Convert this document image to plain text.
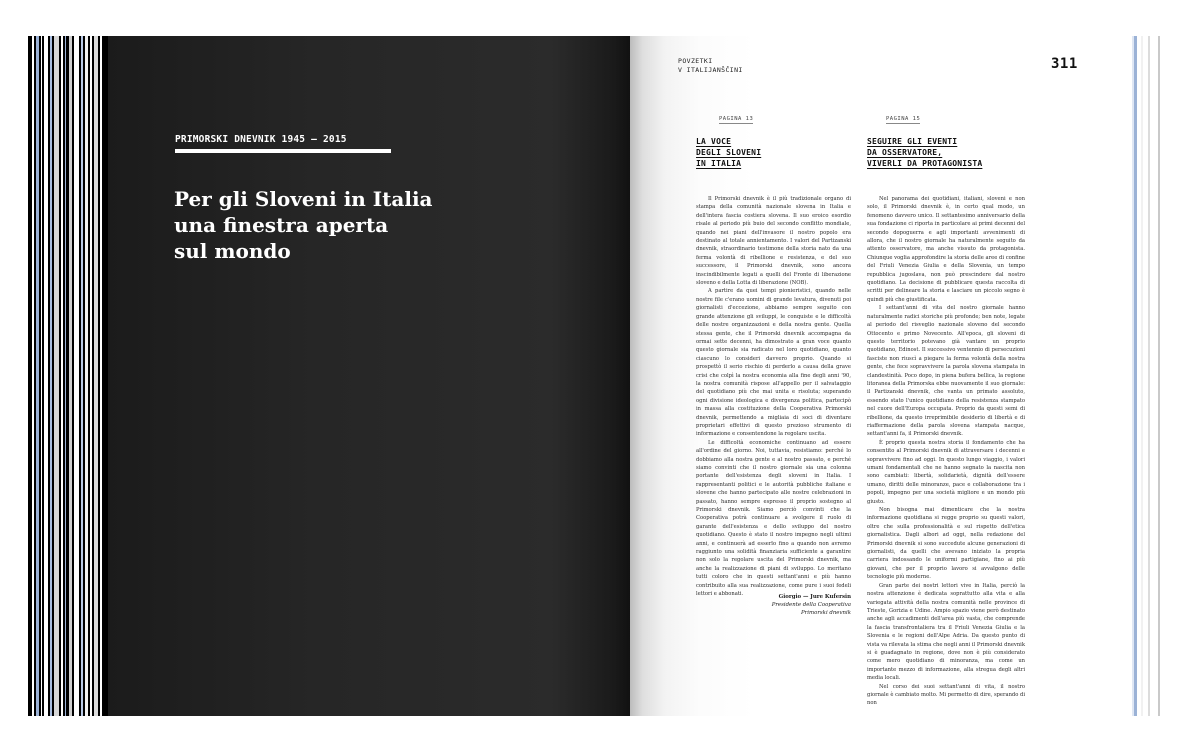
PRIMORSKI DNEVNIK 1945 — 2015
Per gli Sloveni in Italia
una finestra aperta
sul mondo
POVZETKI
V ITALIJANŠČINI	311
PAGINA 13
LA VOCE
DEGLI SLOVENI
IN ITALIA

Il Primorski dnevnik è il più tradizionale organo di stampa della comunità nazionale slovena in Italia e dell'intera fascia costiera slovena. Il suo eroico esordio risale al periodo più buio del secondo conflitto mondiale, quando nei piani dell'invasore il nostro popolo era destinato al totale annientamento. I valori del Partizanski dnevnik, straordinario testimone della storia nato da una ferma volontà di ribellione e resistenza, e del suo successore, il Primorski dnevnik, sono ancora inscindibilmente legati a quelli del Fronte di liberazione sloveno e della Lotta di liberazione (NOB).

A partire da quei tempi pionieristici, quando nelle nostre file c'erano uomini di grande levatura, divenuti poi giornalisti d'eccezione, abbiamo sempre seguito con grande attenzione gli sviluppi, le conquiste e le difficoltà delle nostre organizzazioni e della nostra gente. Quella stessa gente, che il Primorski dnevnik accompagna da ormai sette decenni, ha dimostrato a gran voce quanto questo giornale sia radicato nel loro quotidiano, quanto ciascuno lo consideri davvero proprio. Quando si prospettò il serio rischio di perderlo a causa della grave crisi che colpì la nostra economia alla fine degli anni '90, la nostra comunità rispose all'appello per il salvataggio del quotidiano più che mai unita e risoluta; superando ogni divisione ideologica e divergenza politica, partecipò in massa alla costituzione della Cooperativa Primorski dnevnik, permettendo a migliaia di soci di diventare proprietari effettivi di questo prezioso strumento di informazione e consentendone la regolare uscita.

Le difficoltà economiche continuano ad essere all'ordine del giorno. Noi, tuttavia, resistiamo: perché lo dobbiamo alla nostra gente e al nostro passato, e perché siamo convinti che il nostro giornale sia una colonna portante dell'esistenza degli sloveni in Italia. I rappresentanti politici e le autorità pubbliche italiane e slovene che hanno partecipato alle nostre celebrazioni in passato, hanno sempre espresso il proprio sostegno al Primorski dnevnik. Siamo perciò convinti che la Cooperativa potrà continuare a svolgere il ruolo di garante dell'esistenza e dello sviluppo del nostro quotidiano. Questo è stato il nostro impegno negli ultimi anni, e continuerà ad esserlo fino a quando non avremo raggiunto una solidità finanziaria sufficiente a garantire non solo la regolare uscita del Primorski dnevnik, ma anche la realizzazione di piani di sviluppo. Lo meritano tutti coloro che in questi settant'anni e più hanno contribuito alla sua realizzazione, come pure i suoi fedeli lettori e abbonati.	Giorgio — Jure Kufersin
Presidente della Cooperativa
Primorski dnevnik
PAGINA 15
SEGUIRE GLI EVENTI
DA OSSERVATORE,
VIVERLI DA PROTAGONISTA

Nel panorama dei quotidiani, italiani, sloveni e non solo, il Primorski dnevnik è, in certo qual modo, un fenomeno davvero unico. Il settantesimo anniversario della sua fondazione ci riporta in particolare ai primi decenni del secondo dopoguerra e agli importanti avvenimenti di allora, che il nostro giornale ha naturalmente seguito da attento osservatore, ma anche vissuto da protagonista. Chiunque voglia approfondire la storia delle aree di confine del Friuli Venezia Giulia e della Slovenia, un tempo repubblica jugoslava, non può prescindere dal nostro quotidiano. La decisione di pubblicare questa raccolta di scritti per delineare la storia e lasciare un piccolo segno è quindi più che giustificata.

I settant'anni di vita del nostro giornale hanno naturalmente radici storiche più profonde; ben note, legate al periodo del risveglio nazionale sloveno del secondo Ottocento e primo Novecento. All'epoca, gli sloveni di questo territorio potevano già vantare un proprio quotidiano, Edinost. Il successivo ventennio di persecuzioni fasciste non riuscì a piegare la ferma volontà della nostra gente, che fece sopravvivere la parola slovena stampata in clandestinità. Poco dopo, in piena bufera bellica, la regione litoranea della Primorska ebbe nuovamente il suo giornale: il Partizanski dnevnik, che vanta un primato assoluto, essendo stato l'unico quotidiano della resistenza stampato nel cuore dell'Europa occupata. Proprio da questi semi di ribellione, da questo irreprimibile desiderio di libertà e di riaffermazione della parola slovena stampata nacque, settant'anni fa, il Primorski dnevnik.

È proprio questa nostra storia il fondamento che ha consentito al Primorski dnevnik di attraversare i decenni e sopravvivere fino ad oggi. In questo lungo viaggio, i valori umani fondamentali che ne hanno segnato la nascita non sono cambiati: libertà, solidarietà, dignità dell'essere umano, diritti delle minoranze, pace e collaborazione tra i popoli, impegno per una società migliore e un mondo più giusto.

Non bisogna mai dimenticare che la nostra informazione quotidiana si regge proprio su questi valori, oltre che sulla professionalità e sul rispetto dell'etica giornalistica. Dagli albori ad oggi, nella redazione del Primorski dnevnik si sono succedute alcune generazioni di giornalisti, da quelli che avevano iniziato la propria carriera indossando le uniformi partigiane, fino ai più giovani, che per il proprio lavoro si avvalgono delle tecnologie più moderne.

Gran parte dei nostri lettori vive in Italia, perciò la nostra attenzione è dedicata soprattutto alla vita e alla variegata attività della nostra comunità nelle province di Trieste, Gorizia e Udine. Ampio spazio viene però destinato anche agli accadimenti dell'area più vasta, che comprende la fascia transfrontaliera tra il Friuli Venezia Giulia e la Slovenia e le regioni dell'Alpe Adria. Da questo punto di vista va rilevata la stima che negli anni il Primorski dnevnik si è guadagnato in regione, dove non è più considerato come mero quotidiano di minoranza, ma come un importante mezzo di informazione, alla stregua degli altri media locali.

Nel corso dei suoi settant'anni di vita, il nostro giornale è cambiato molto. Mi permetto di dire, sperando di non
